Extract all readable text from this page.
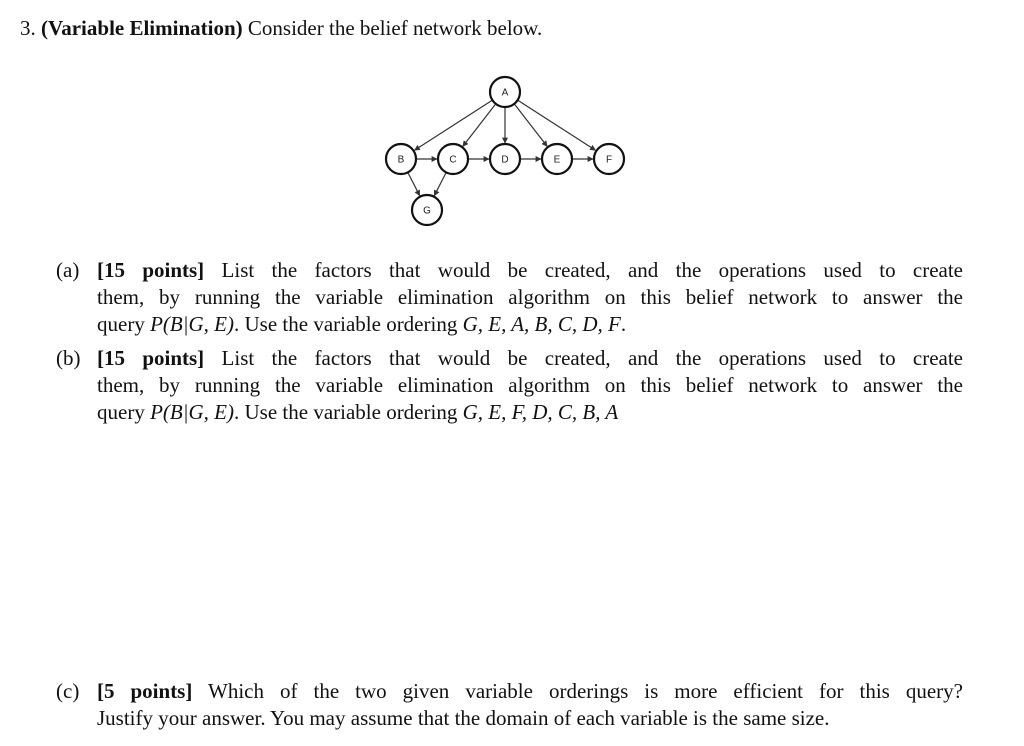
3. (Variable Elimination) Consider the belief network below.
A
B	C	D	E	F
G
(a) [15 points] List the factors that would be created, and the operations used to create
them, by running the variable elimination algorithm on this belief network to answer the
query P(B|G, E). Use the variable ordering G, E, A, B, C, D, F.
(b) [15 points] List the factors that would be created, and the operations used to create
them, by running the variable elimination algorithm on this belief network to answer the
query P(B|G, E). Use the variable ordering G, E, F, D, C, B, A
(c) [5 points] Which of the two given variable orderings is more efficient for this query?
Justify your answer. You may assume that the domain of each variable is the same size.
